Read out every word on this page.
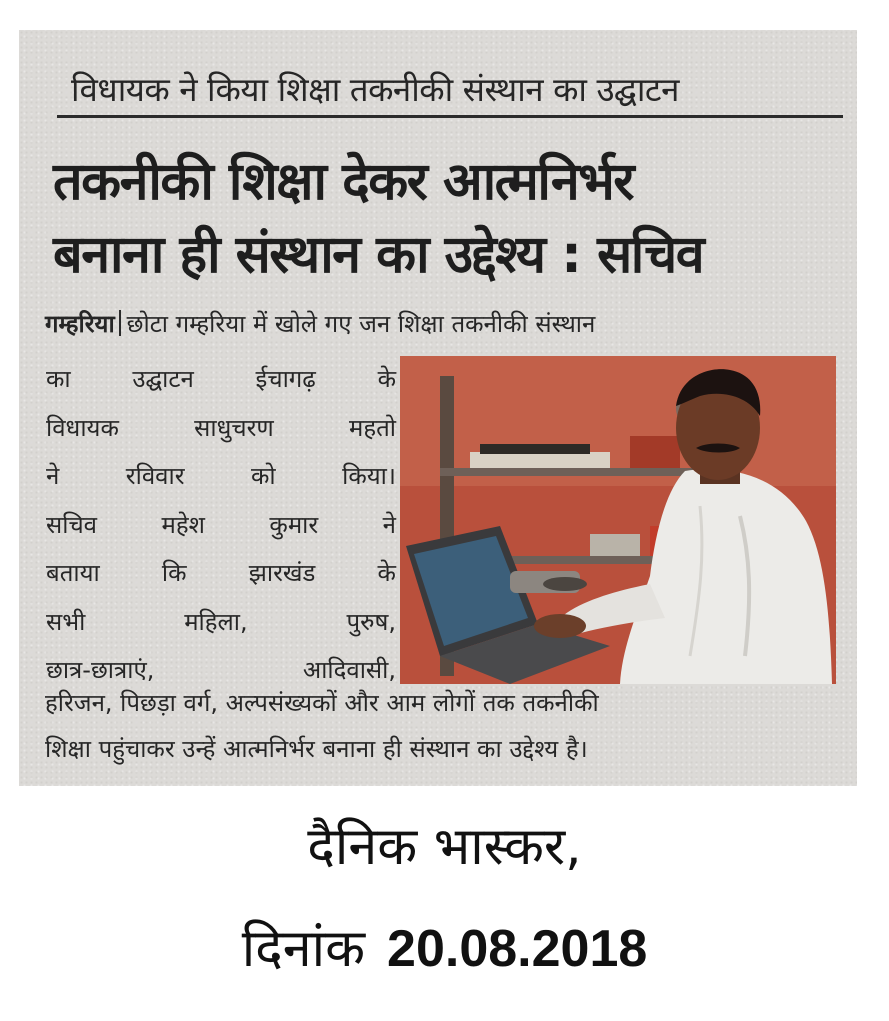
विधायक ने किया शिक्षा तकनीकी संस्थान का उद्घाटन
तकनीकी शिक्षा देकर आत्मनिर्भर
बनाना ही संस्थान का उद्देश्य : सचिव
गम्हरिया छोटा गम्हरिया में खोले गए जन शिक्षा तकनीकी संस्थान
का उद्घाटन ईचागढ़ के
विधायक साधुचरण महतो
ने रविवार को किया।
सचिव महेश कुमार ने
बताया कि झारखंड के
सभी महिला, पुरुष,
छात्र-छात्राएं, आदिवासी,
हरिजन, पिछड़ा वर्ग, अल्पसंख्यकों और आम लोगों तक तकनीकी
शिक्षा पहुंचाकर उन्हें आत्मनिर्भर बनाना ही संस्थान का उद्देश्य है।
दैनिक भास्कर,
दिनांक 20.08.2018
